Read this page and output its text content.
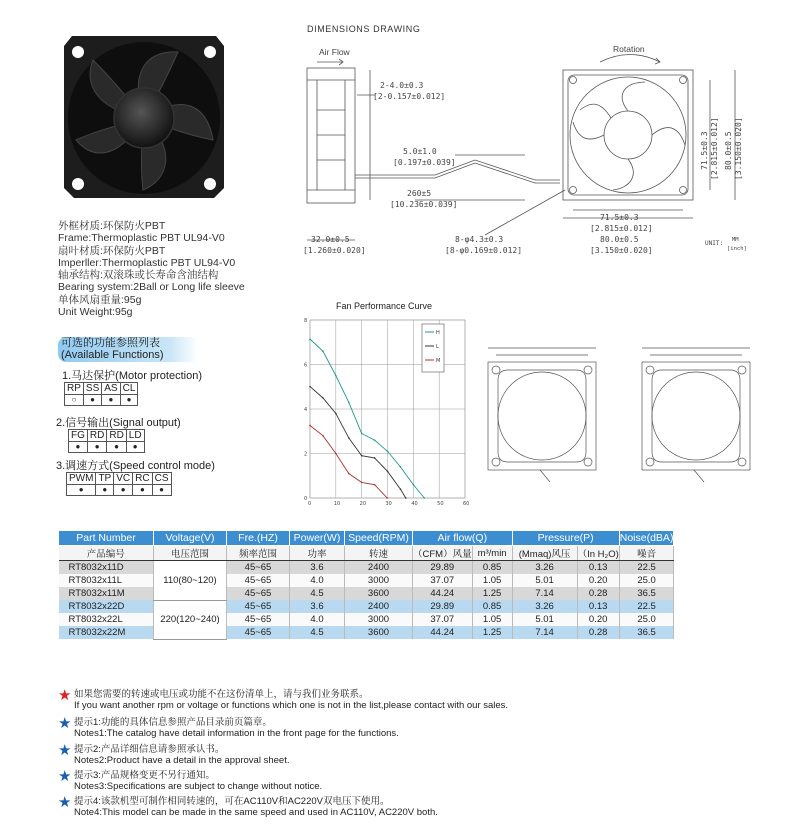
外框材质:环保防火PBT
Frame:Thermoplastic PBT UL94-V0
扇叶材质:环保防火PBT
Imperller:Thermoplastic PBT UL94-V0
轴承结构:双滚珠或长寿命含油结构
Bearing system:2Ball or Long life sleeve
单体风扇重量:95g
Unit Weight:95g
DIMENSIONS DRAWING
Air Flow	Rotation
2-4.0±0.3
[2-0.157±0.012]
5.0±1.0
[0.197±0.039]
260±5
[10.236±0.039]
32.0±0.5
[1.260±0.020]
8-φ4.3±0.3
[8-φ0.169±0.012]
71.5±0.3
[2.815±0.012]
80.0±0.5
[3.150±0.020]
UNIT: MM
[inch]
71.5±0.3 [2.815±0.012] 80.0±0.5 [3.150±0.020]
Fan Performance Curve
0	10	20	30	40	50	60
0
2
4
6
8
H
L
M
可选的功能参照列表
(Available Functions)
1.马达保护(Motor protection)
RP	SS	AS	CL
○	●	●	●
2.信号输出(Signal output)
FG	RD	RD	LD
●	●	●	●
3.调速方式(Speed control mode)
PWM	TP	VC	RC	CS
●	●	●	●	●
Part Number	Voltage(V)	Fre.(HZ)	Power(W)	Speed(RPM)	Air flow(Q)		Pressure(P)		Noise(dBA)
产品编号	电压范围	频率范围	功率	转速	（CFM）风量	m³/min	(Mmaq)风压	（In H₂O)	噪音
RT8032x11D	110(80~120)	45~65	3.6	2400	29.89	0.85	3.26	0.13	22.5
RT8032x11L		45~65	4.0	3000	37.07	1.05	5.01	0.20	25.0
RT8032x11M		45~65	4.5	3600	44.24	1.25	7.14	0.28	36.5
RT8032x22D	220(120~240)	45~65	3.6	2400	29.89	0.85	3.26	0.13	22.5
RT8032x22L		45~65	4.0	3000	37.07	1.05	5.01	0.20	25.0
RT8032x22M		45~65	4.5	3600	44.24	1.25	7.14	0.28	36.5
★ 如果您需要的转速或电压或功能不在这份清单上，请与我们业务联系。
If you want another rpm or voltage or functions which one is not in the list,please contact with our sales.
★ 提示1:功能的具体信息参照产品目录前页篇章。
Notes1:The catalog have detail information in the front page for the functions.
★ 提示2:产品详细信息请参照承认书。
Notes2:Product have a detail in the approval sheet.
★ 提示3:产品规格变更不另行通知。
Notes3:Specifications are subject to change without notice.
★ 提示4:该款机型可制作相同转速的，可在AC110V和AC220V双电压下使用。
Note4:This model can be made in the same speed and used in AC110V, AC220V both.
